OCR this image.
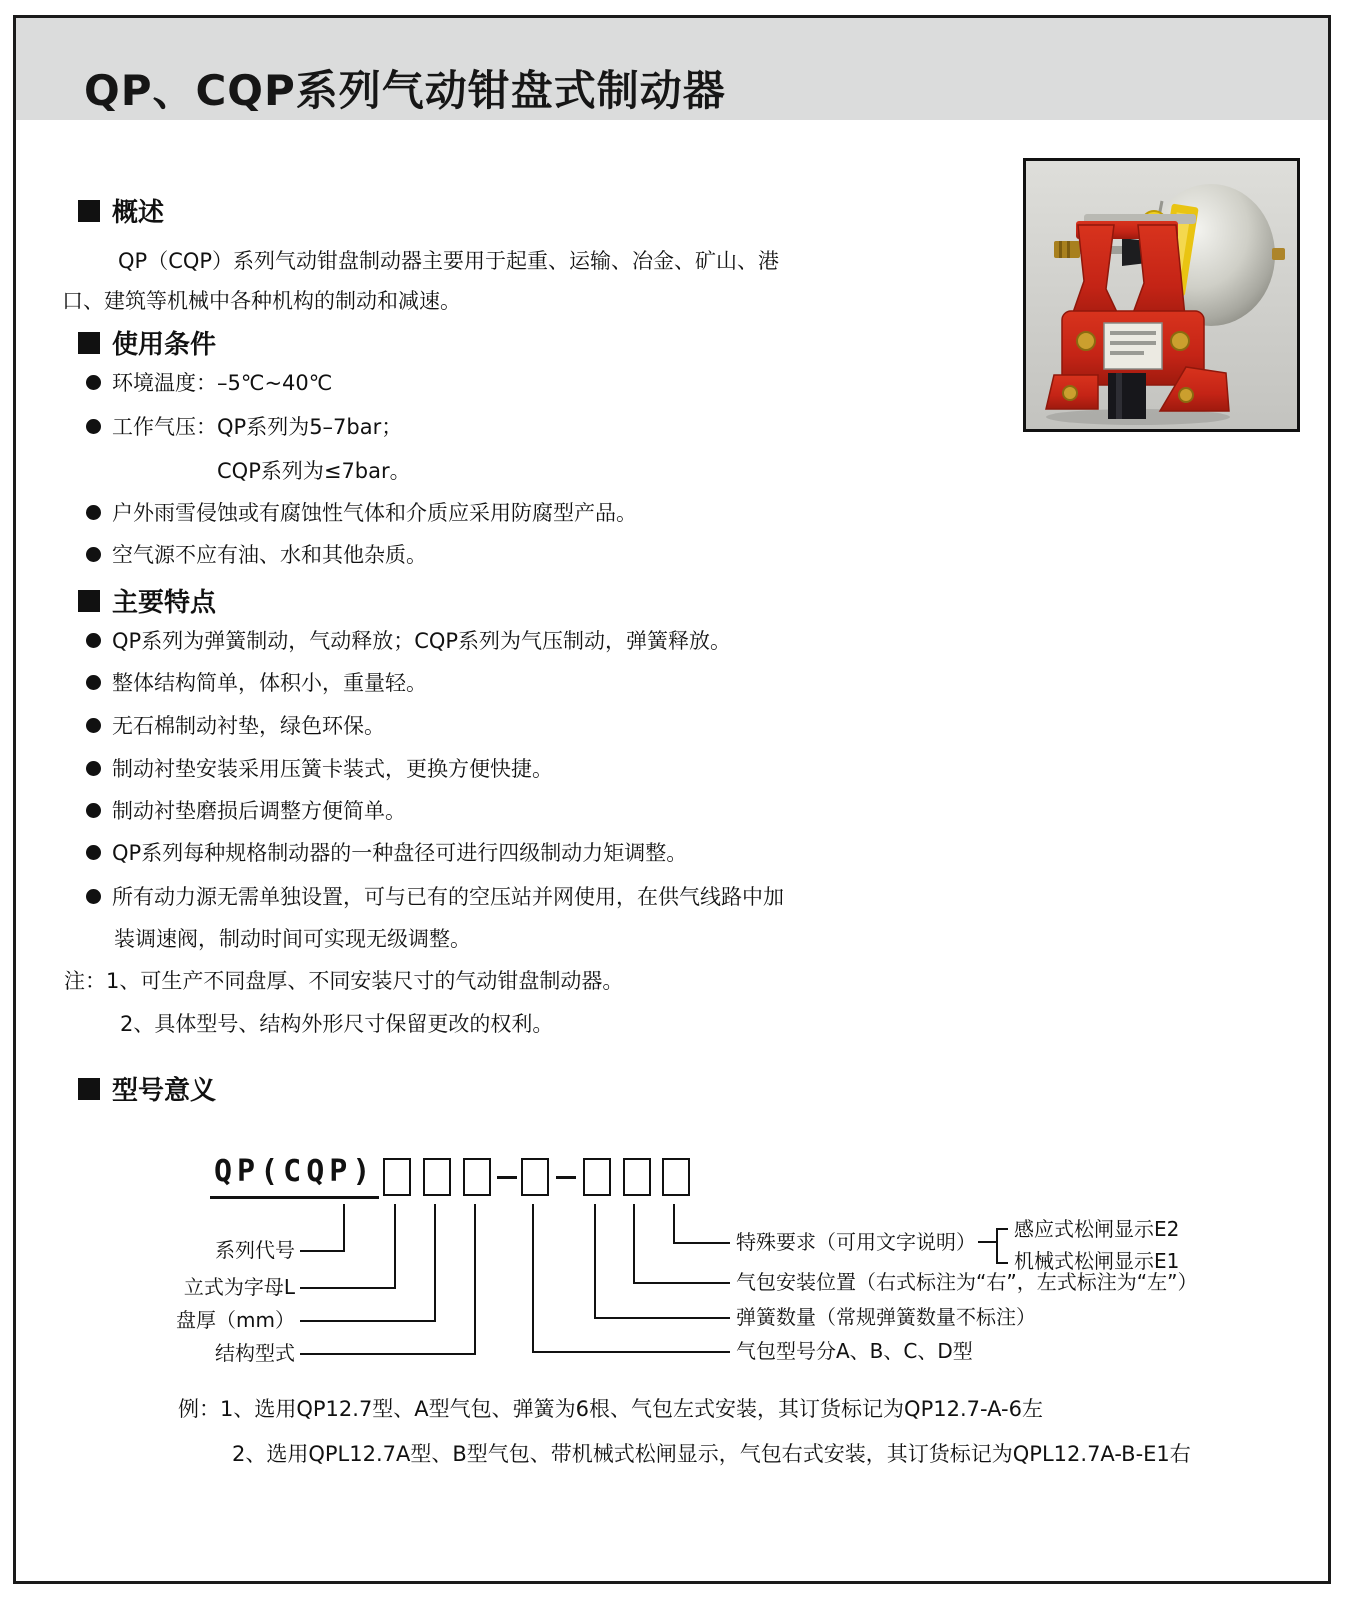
QP、CQP系列气动钳盘式制动器
概述
QP（CQP）系列气动钳盘制动器主要用于起重、运输、冶金、矿山、港
口、建筑等机械中各种机构的制动和减速。
使用条件
环境温度：–5℃~40℃
工作气压：QP系列为5–7bar；
CQP系列为≤7bar。
户外雨雪侵蚀或有腐蚀性气体和介质应采用防腐型产品。
空气源不应有油、水和其他杂质。
主要特点
QP系列为弹簧制动，气动释放；CQP系列为气压制动，弹簧释放。
整体结构简单，体积小，重量轻。
无石棉制动衬垫，绿色环保。
制动衬垫安装采用压簧卡装式，更换方便快捷。
制动衬垫磨损后调整方便简单。
QP系列每种规格制动器的一种盘径可进行四级制动力矩调整。
所有动力源无需单独设置，可与已有的空压站并网使用，在供气线路中加
装调速阀，制动时间可实现无级调整。
注：1、可生产不同盘厚、不同安装尺寸的气动钳盘制动器。
2、具体型号、结构外形尺寸保留更改的权利。
型号意义
QP(CQP)
系列代号
立式为字母L
盘厚（mm）
结构型式
特殊要求（可用文字说明）
气包安装位置（右式标注为“右”，左式标注为“左”）
弹簧数量（常规弹簧数量不标注）
气包型号分A、B、C、D型
感应式松闸显示E2
机械式松闸显示E1
例：1、选用QP12.7型、A型气包、弹簧为6根、气包左式安装，其订货标记为QP12.7-A-6左
2、选用QPL12.7A型、B型气包、带机械式松闸显示，气包右式安装，其订货标记为QPL12.7A-B-E1右
